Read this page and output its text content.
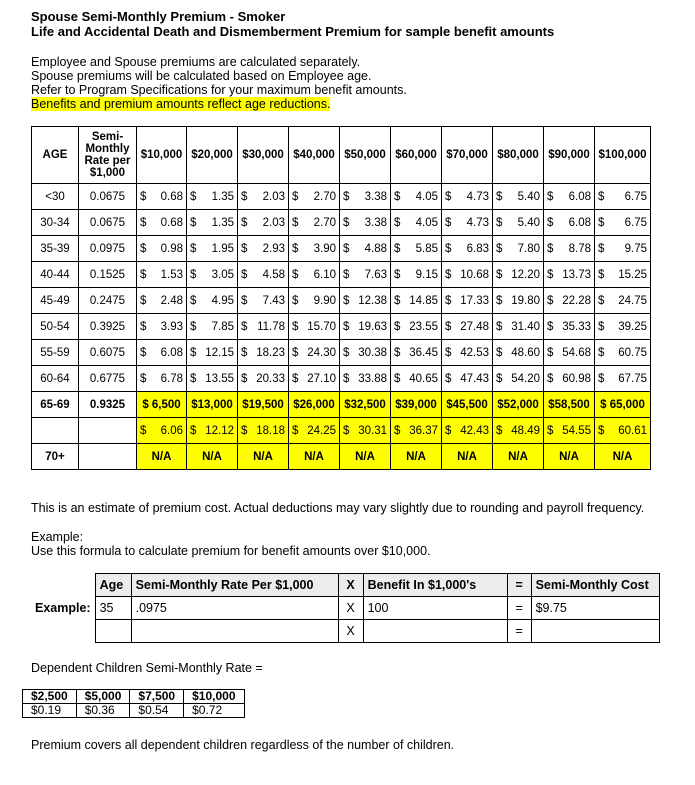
Spouse Semi-Monthly Premium - Smoker
Life and Accidental Death and Dismemberment Premium for sample benefit amounts
Employee and Spouse premiums are calculated separately.
Spouse premiums will be calculated based on Employee age.
Refer to Program Specifications for your maximum benefit amounts.
Benefits and premium amounts reflect age reductions.
AGE	Semi-Monthly Rate per $1,000	$10,000	$20,000	$30,000	$40,000	$50,000	$60,000	$70,000	$80,000	$90,000	$100,000
<30	0.0675	$ 0.68	$ 1.35	$ 2.03	$ 2.70	$ 3.38	$ 4.05	$ 4.73	$ 5.40	$ 6.08	$ 6.75

30-34	0.0675	$ 0.68	$ 1.35	$ 2.03	$ 2.70	$ 3.38	$ 4.05	$ 4.73	$ 5.40	$ 6.08	$ 6.75

35-39	0.0975	$ 0.98	$ 1.95	$ 2.93	$ 3.90	$ 4.88	$ 5.85	$ 6.83	$ 7.80	$ 8.78	$ 9.75

40-44	0.1525	$ 1.53	$ 3.05	$ 4.58	$ 6.10	$ 7.63	$ 9.15	$ 10.68	$ 12.20	$ 13.73	$ 15.25

45-49	0.2475	$ 2.48	$ 4.95	$ 7.43	$ 9.90	$ 12.38	$ 14.85	$ 17.33	$ 19.80	$ 22.28	$ 24.75

50-54	0.3925	$ 3.93	$ 7.85	$ 11.78	$ 15.70	$ 19.63	$ 23.55	$ 27.48	$ 31.40	$ 35.33	$ 39.25

55-59	0.6075	$ 6.08	$ 12.15	$ 18.23	$ 24.30	$ 30.38	$ 36.45	$ 42.53	$ 48.60	$ 54.68	$ 60.75

60-64	0.6775	$ 6.78	$ 13.55	$ 20.33	$ 27.10	$ 33.88	$ 40.65	$ 47.43	$ 54.20	$ 60.98	$ 67.75

65-69	0.9325	$ 6,500	$13,000	$19,500	$26,000	$32,500	$39,000	$45,500	$52,000	$58,500	$ 65,000

		$ 6.06	$ 12.12	$ 18.18	$ 24.25	$ 30.31	$ 36.37	$ 42.43	$ 48.49	$ 54.55	$ 60.61

70+		N/A	N/A	N/A	N/A	N/A	N/A	N/A	N/A	N/A	N/A
This is an estimate of premium cost. Actual deductions may vary slightly due to rounding and payroll frequency.
Example:
Use this formula to calculate premium for benefit amounts over $10,000.
	Age	Semi-Monthly Rate Per $1,000	X	Benefit In $1,000's	=	Semi-Monthly Cost
Example:	35	.0975	X	100	=	$9.75
			X		=	
Dependent Children Semi-Monthly Rate =
$2,500	$5,000	$7,500	$10,000
$0.19	$0.36	$0.54	$0.72
Premium covers all dependent children regardless of the number of children.
